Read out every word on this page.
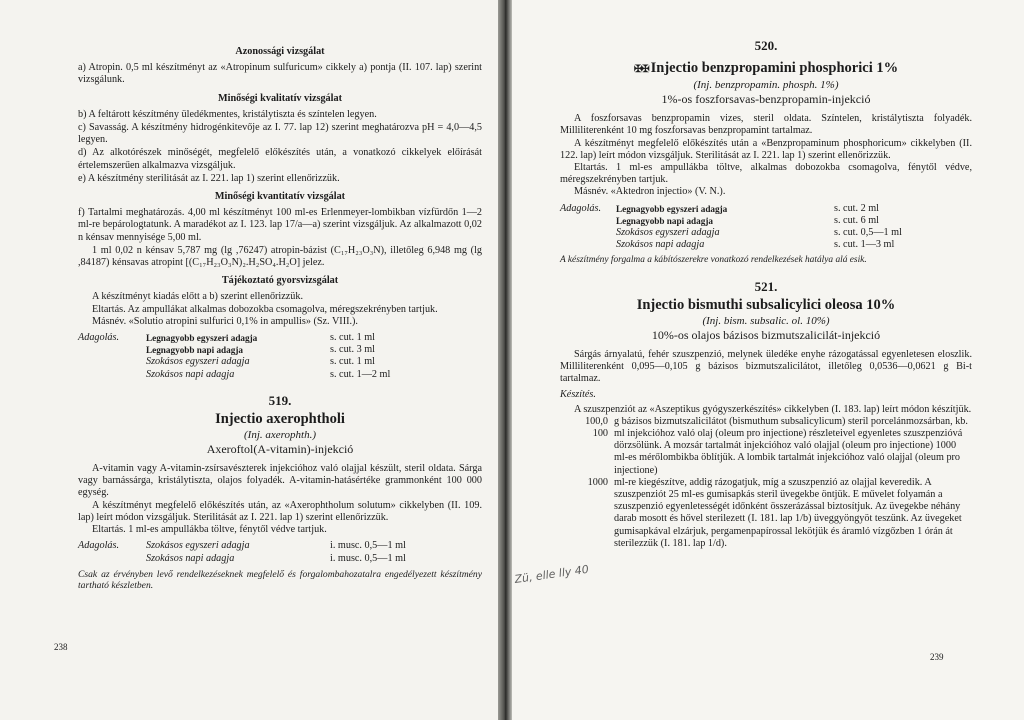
Azonossági vizsgálat

a) Atropin. 0,5 ml készítményt az «Atropinum sulfuricum» cikkely a) pontja (II. 107. lap) szerint vizsgálunk.

Minőségi kvalitatív vizsgálat

b) A feltárott készítmény üledékmentes, kristálytiszta és színtelen legyen.

c) Savasság. A készítmény hidrogénkitevője az I. 77. lap 12) szerint meghatározva pH = 4,0—4,5 legyen.

d) Az alkotórészek minőségét, megfelelő előkészítés után, a vonatkozó cikkelyek előírását értelemszerűen alkalmazva vizsgáljuk.

e) A készítmény sterilitását az I. 221. lap 1) szerint ellenőrizzük.

Minőségi kvantitatív vizsgálat

f) Tartalmi meghatározás. 4,00 ml készítményt 100 ml-es Erlenmeyer-lombikban vízfürdőn 1—2 ml-re bepárologtatunk. A maradékot az I. 123. lap 17/a—a) szerint vizsgáljuk. Az alkalmazott 0,02 n kénsav mennyisége 5,00 ml.

1 ml 0,02 n kénsav 5,787 mg (lg ,76247) atropin-bázist (C₁₇H₂₃O₃N), illetőleg 6,948 mg (lg ,84187) kénsavas atropint [(C₁₇H₂₃O₃N)₂.H₂SO₄.H₂O] jelez.

Tájékoztató gyorsvizsgálat

A készítményt kiadás előtt a b) szerint ellenőrizzük.

Eltartás. Az ampullákat alkalmas dobozokba csomagolva, méregszekrényben tartjuk.

Másnév. «Solutio atropini sulfurici 0,1% in ampullis» (Sz. VIII.).

Adagolás.	Legnagyobb egyszeri adagja	s. cut. 1 ml
Legnagyobb napi adagja	s. cut. 3 ml
Szokásos egyszeri adagja	s. cut. 1 ml
Szokásos napi adagja	s. cut. 1—2 ml
519.
Injectio axerophtholi
(Inj. axerophth.)
Axeroftol(A-vitamin)-injekció

A-vitamin vagy A-vitamin-zsírsavészterek injekcióhoz való olajjal készült, steril oldata. Sárga vagy barnássárga, kristálytiszta, olajos folyadék. A-vitamin-hatásértéke grammonként 100 000 egység.

A készítményt megfelelő előkészítés után, az «Axerophtholum solutum» cikkelyben (II. 109. lap) leírt módon vizsgáljuk. Sterilitását az I. 221. lap 1) szerint ellenőrizzük.

Eltartás. 1 ml-es ampullákba töltve, fénytől védve tartjuk.

Adagolás.	Szokásos egyszeri adagja	i. musc. 0,5—1 ml
Szokásos napi adagja	i. musc. 0,5—1 ml

Csak az érvényben levő rendelkezéseknek megfelelő és forgalombahozatalra engedélyezett készítmény tartható készletben.

238
520.
✠✠ Injectio benzpropamini phosphorici 1%
(Inj. benzpropamin. phosph. 1%)
1%-os foszforsavas-benzpropamin-injekció

A foszforsavas benzpropamin vizes, steril oldata. Színtelen, kristálytiszta folyadék. Milliliterenként 10 mg foszforsavas benzpropamint tartalmaz.

A készítményt megfelelő előkészítés után a «Benzpropaminum phosphoricum» cikkelyben (II. 122. lap) leírt módon vizsgáljuk. Sterilitását az I. 221. lap 1) szerint ellenőrizzük.

Eltartás. 1 ml-es ampullákba töltve, alkalmas dobozokba csomagolva, fénytől védve, méregszekrényben tartjuk.

Másnév. «Aktedron injectio» (V. N.).

Adagolás.	Legnagyobb egyszeri adagja	s. cut. 2 ml
Legnagyobb napi adagja	s. cut. 6 ml
Szokásos egyszeri adagja	s. cut. 0,5—1 ml
Szokásos napi adagja	s. cut. 1—3 ml

A készítmény forgalma a kábítószerekre vonatkozó rendelkezések hatálya alá esik.

521.
Injectio bismuthi subsalicylici oleosa 10%
(Inj. bism. subsalic. ol. 10%)
10%-os olajos bázisos bizmutszalicilát-injekció

Sárgás árnyalatú, fehér szuszpenzió, melynek üledéke enyhe rázogatással egyenletesen eloszlik. Milliliterenként 0,095—0,105 g bázisos bizmutszalicilátot, illetőleg 0,0536—0,0621 g Bi-t tartalmaz.

Készítés.

A szuszpenziót az «Aszeptikus gyógyszerkészítés» cikkelyben (I. 183. lap) leírt módon készítjük.

100,0 g bázisos bizmutszalicilátot (bismuthum subsalicylicum) steril porcelánmozsárban, kb.
100 ml injekcióhoz való olaj (oleum pro injectione) részleteivel egyenletes szuszpenzióvá dörzsölünk. A mozsár tartalmát injekcióhoz való olajjal (oleum pro injectione) 1000 ml-es mérőlombikba öblítjük. A lombik tartalmát injekcióhoz való olajjal (oleum pro injectione)
1000 ml-re kiegészítve, addig rázogatjuk, míg a szuszpenzió az olajjal keveredik. A szuszpenziót 25 ml-es gumisapkás steril üvegekbe öntjük. E művelet folyamán a szuszpenzió egyenletességét időnként összerázással biztosítjuk. Az üvegekbe néhány darab mosott és hővel sterilezett (I. 181. lap 1/b) üveggyöngyöt teszünk. Az üvegeket gumisapkával elzárjuk, pergamenpapírossal lekötjük és áramló vízgőzben 1 órán át sterilezzük (I. 181. lap 1/d).
Zü, elle lly 40
239
